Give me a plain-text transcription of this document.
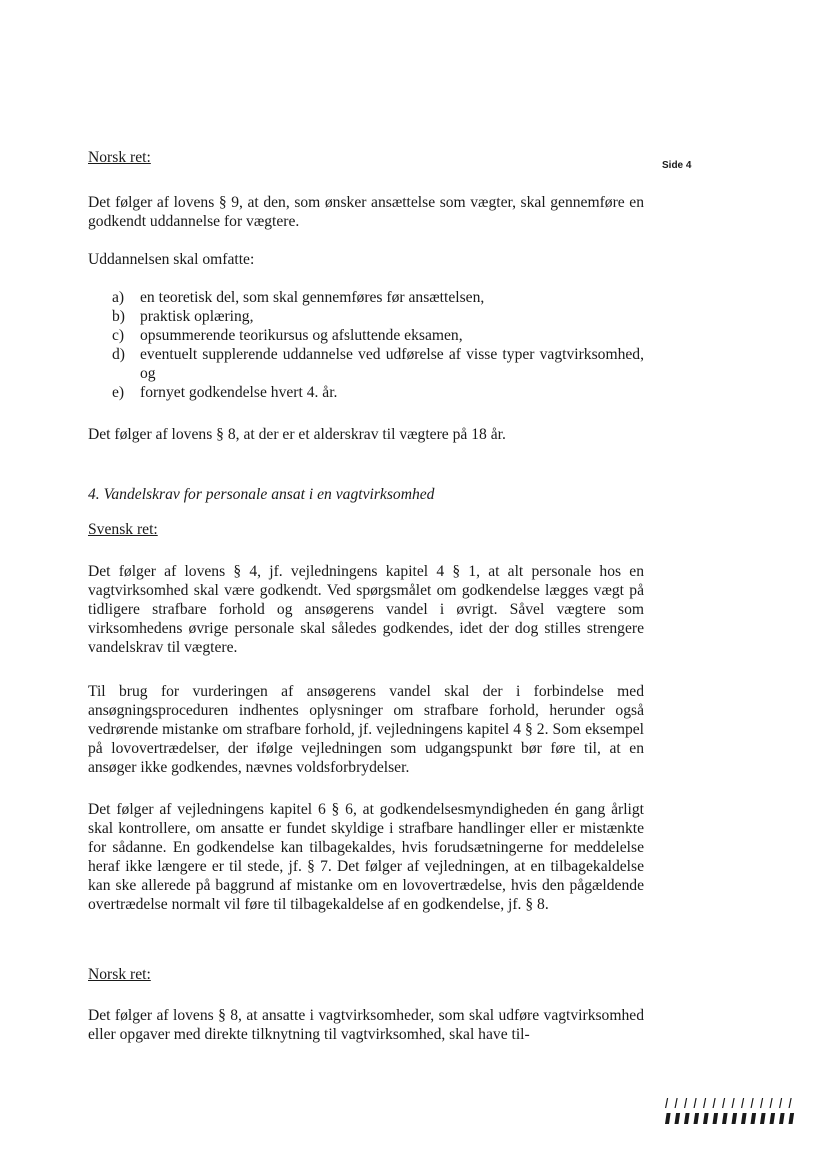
Side 4
Norsk ret:

Det følger af lovens § 9, at den, som ønsker ansættelse som vægter, skal gennemføre en godkendt uddannelse for vægtere.

Uddannelsen skal omfatte:

a) en teoretisk del, som skal gennemføres før ansættelsen,
b) praktisk oplæring,
c) opsummerende teorikursus og afsluttende eksamen,
d) eventuelt supplerende uddannelse ved udførelse af visse typer vagtvirksomhed, og
e) fornyet godkendelse hvert 4. år.

Det følger af lovens § 8, at der er et alderskrav til vægtere på 18 år.

4. Vandelskrav for personale ansat i en vagtvirksomhed
Svensk ret:

Det følger af lovens § 4, jf. vejledningens kapitel 4 § 1, at alt personale hos en vagtvirksomhed skal være godkendt. Ved spørgsmålet om godkendelse lægges vægt på tidligere strafbare forhold og ansøgerens vandel i øvrigt. Såvel vægtere som virksomhedens øvrige personale skal således godkendes, idet der dog stilles strengere vandelskrav til vægtere.

Til brug for vurderingen af ansøgerens vandel skal der i forbindelse med ansøgningsproceduren indhentes oplysninger om strafbare forhold, herunder også vedrørende mistanke om strafbare forhold, jf. vejledningens kapitel 4 § 2. Som eksempel på lovovertrædelser, der ifølge vejledningen som udgangspunkt bør føre til, at en ansøger ikke godkendes, nævnes voldsforbrydelser.

Det følger af vejledningens kapitel 6 § 6, at godkendelsesmyndigheden én gang årligt skal kontrollere, om ansatte er fundet skyldige i strafbare handlinger eller er mistænkte for sådanne. En godkendelse kan tilbagekaldes, hvis forudsætningerne for meddelelse heraf ikke længere er til stede, jf. § 7. Det følger af vejledningen, at en tilbagekaldelse kan ske allerede på baggrund af mistanke om en lovovertrædelse, hvis den pågældende overtrædelse normalt vil føre til tilbagekaldelse af en godkendelse, jf. § 8.

Norsk ret:

Det følger af lovens § 8, at ansatte i vagtvirksomheder, som skal udføre vagtvirksomhed eller opgaver med direkte tilknytning til vagtvirksomhed, skal have til-
